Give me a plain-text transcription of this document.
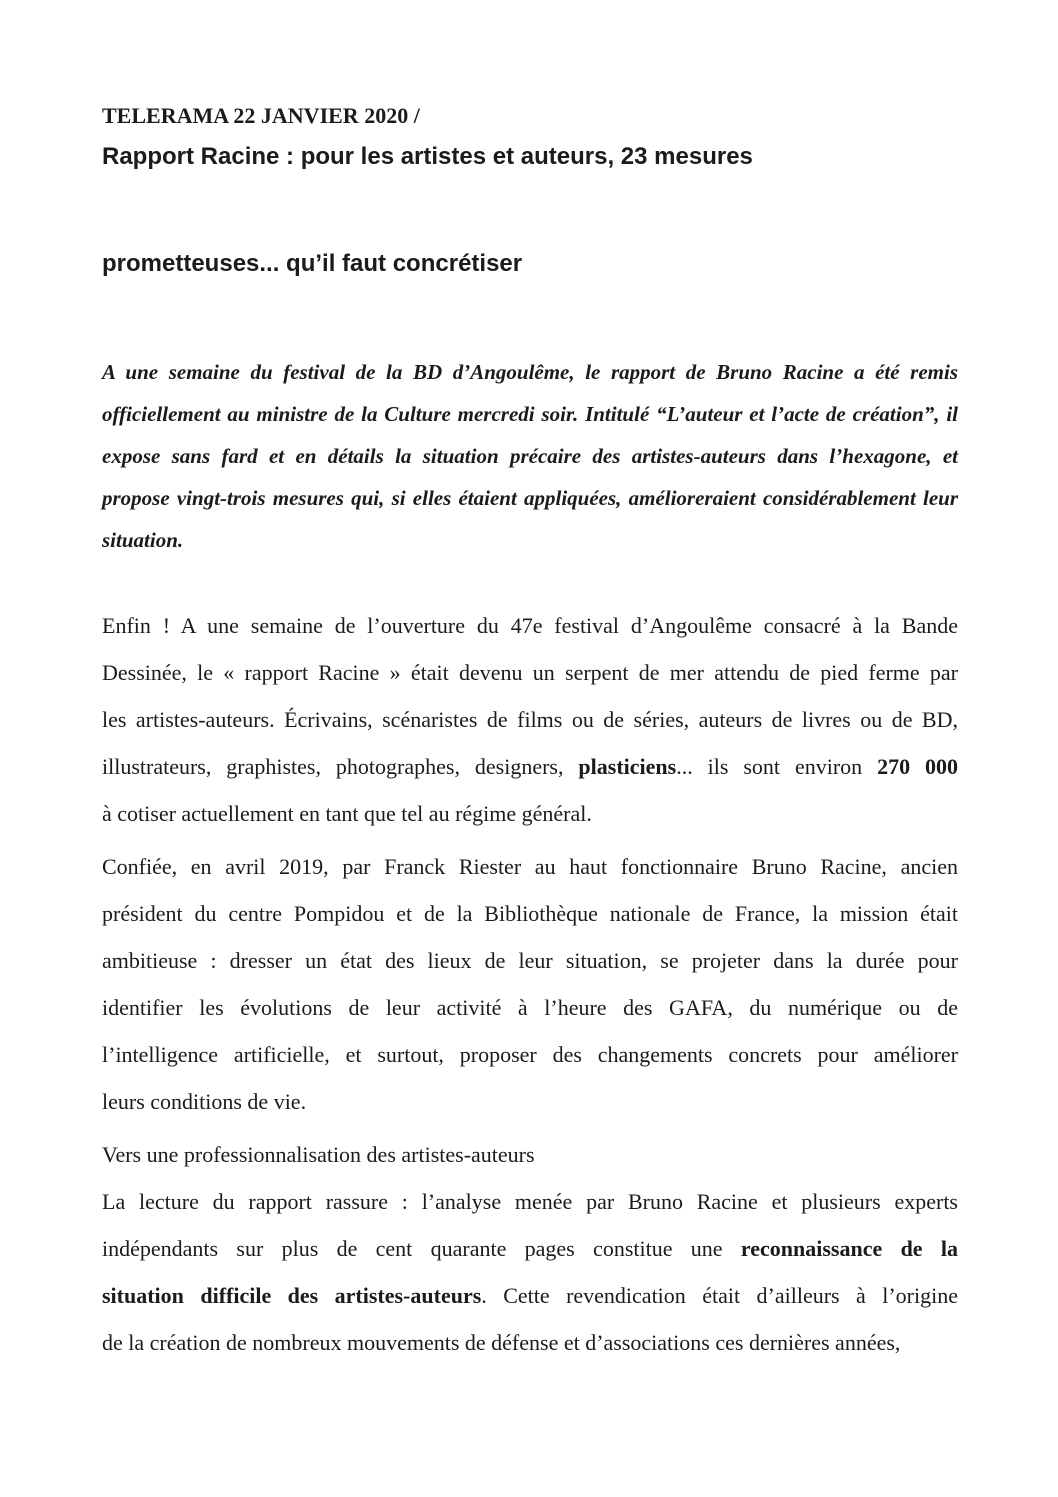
TELERAMA 22 JANVIER 2020 /
Rapport Racine : pour les artistes et auteurs, 23 mesures
prometteuses... qu’il faut concrétiser
A une semaine du festival de la BD d’Angoulême, le rapport de Bruno Racine a été remis
officiellement au ministre de la Culture mercredi soir. Intitulé “L’auteur et l’acte de création”, il
expose sans fard et en détails la situation précaire des artistes-auteurs dans l’hexagone, et
propose vingt-trois mesures qui, si elles étaient appliquées, amélioreraient considérablement leur
situation.
Enfin ! A une semaine de l’ouverture du 47e festival d’Angoulême consacré à la Bande
Dessinée, le « rapport Racine » était devenu un serpent de mer attendu de pied ferme par
les artistes-auteurs. Écrivains, scénaristes de films ou de séries, auteurs de livres ou de BD,
illustrateurs, graphistes, photographes, designers, plasticiens... ils sont environ 270 000
à cotiser actuellement en tant que tel au régime général.
Confiée, en avril 2019, par Franck Riester au haut fonctionnaire Bruno Racine, ancien
président du centre Pompidou et de la Bibliothèque nationale de France, la mission était
ambitieuse : dresser un état des lieux de leur situation, se projeter dans la durée pour
identifier les évolutions de leur activité à l’heure des GAFA, du numérique ou de
l’intelligence artificielle, et surtout, proposer des changements concrets pour améliorer
leurs conditions de vie.
Vers une professionnalisation des artistes-auteurs
La lecture du rapport rassure : l’analyse menée par Bruno Racine et plusieurs experts
indépendants sur plus de cent quarante pages constitue une reconnaissance de la
situation difficile des artistes-auteurs. Cette revendication était d’ailleurs à l’origine
de la création de nombreux mouvements de défense et d’associations ces dernières années,
